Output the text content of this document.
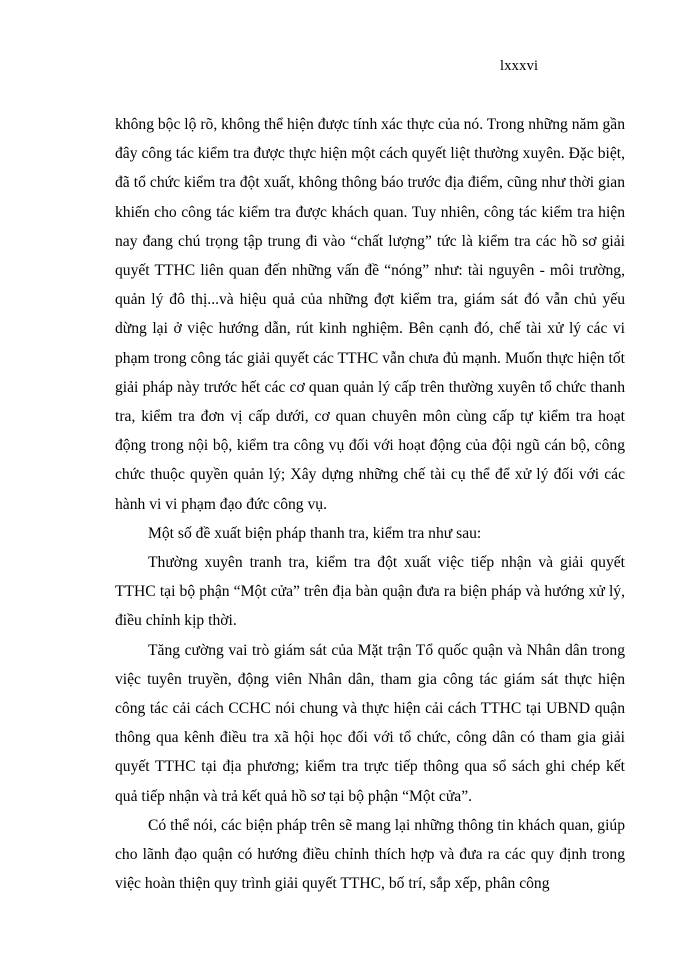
lxxxvi

không bộc lộ rõ, không thể hiện được tính xác thực của nó. Trong những năm gần đây công tác kiểm tra được thực hiện một cách quyết liệt thường xuyên. Đặc biệt, đã tổ chức kiểm tra đột xuất, không thông báo trước địa điểm, cũng như thời gian khiến cho công tác kiểm tra được khách quan. Tuy nhiên, công tác kiểm tra hiện nay đang chú trọng tập trung đi vào “chất lượng” tức là kiểm tra các hồ sơ giải quyết TTHC liên quan đến những vấn đề “nóng” như: tài nguyên - môi trường, quản lý đô thị...và hiệu quả của những đợt kiểm tra, giám sát đó vẫn chủ yếu dừng lại ở việc hướng dẫn, rút kinh nghiệm. Bên cạnh đó, chế tài xử lý các vi phạm trong công tác giải quyết các TTHC vẫn chưa đủ mạnh. Muốn thực hiện tốt giải pháp này trước hết các cơ quan quản lý cấp trên thường xuyên tổ chức thanh tra, kiểm tra đơn vị cấp dưới, cơ quan chuyên môn cùng cấp tự kiểm tra hoạt động trong nội bộ, kiểm tra công vụ đối với hoạt động của đội ngũ cán bộ, công chức thuộc quyền quản lý; Xây dựng những chế tài cụ thể để xử lý đối với các hành vi vi phạm đạo đức công vụ.

Một số đề xuất biện pháp thanh tra, kiểm tra như sau:

Thường xuyên tranh tra, kiểm tra đột xuất việc tiếp nhận và giải quyết TTHC tại bộ phận “Một cửa” trên địa bàn quận đưa ra biện pháp và hướng xử lý, điều chỉnh kịp thời.

Tăng cường vai trò giám sát của Mặt trận Tổ quốc quận và Nhân dân trong việc tuyên truyền, động viên Nhân dân, tham gia công tác giám sát thực hiện công tác cải cách CCHC nói chung và thực hiện cải cách TTHC tại UBND quận thông qua kênh điều tra xã hội học đối với tổ chức, công dân có tham gia giải quyết TTHC tại địa phương; kiểm tra trực tiếp thông qua sổ sách ghi chép kết quả tiếp nhận và trả kết quả hồ sơ tại bộ phận “Một cửa”.

Có thể nói, các biện pháp trên sẽ mang lại những thông tin khách quan, giúp cho lãnh đạo quận có hướng điều chỉnh thích hợp và đưa ra các quy định trong việc hoàn thiện quy trình giải quyết TTHC, bố trí, sắp xếp, phân công
